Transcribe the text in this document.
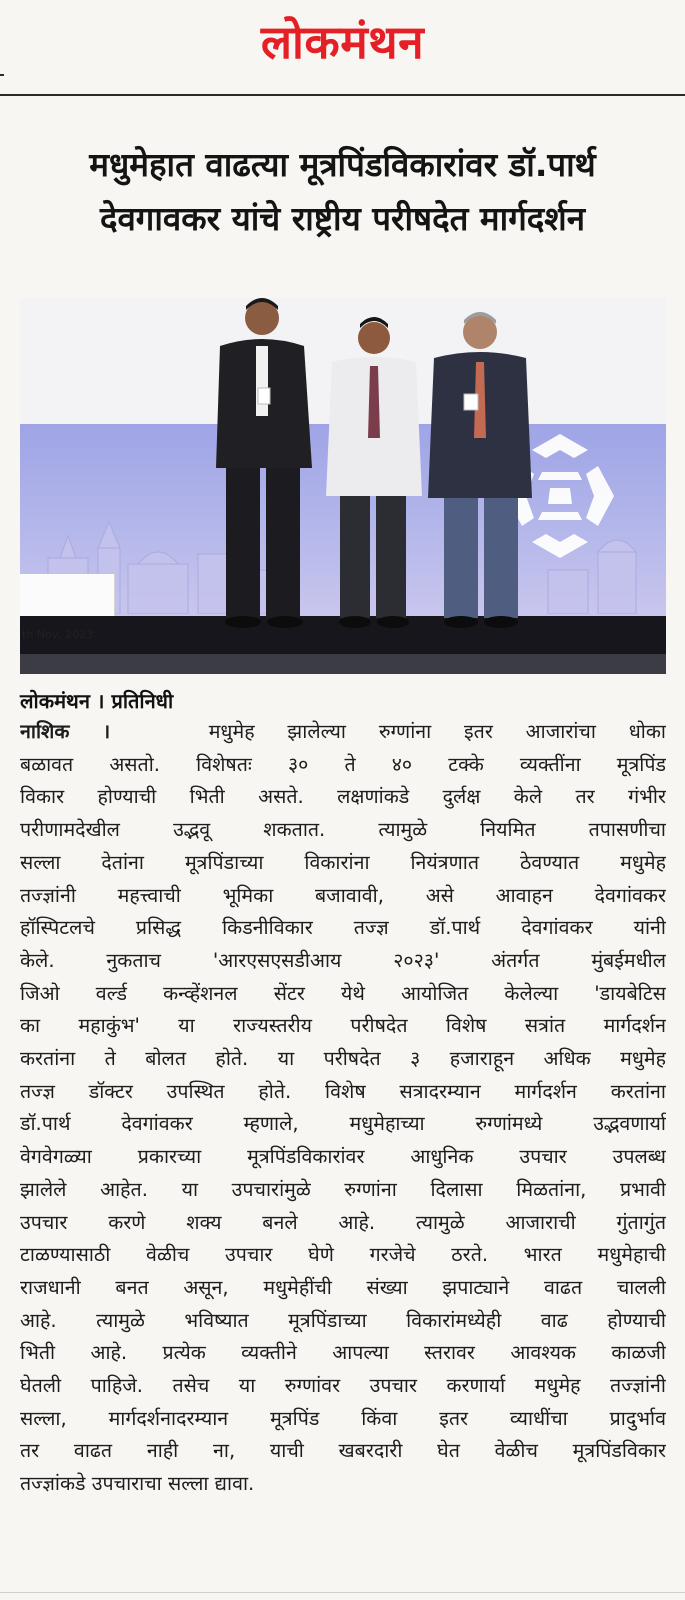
लोकमंथन
मधुमेहात वाढत्या मूत्रपिंडविकारांवर डॉ.पार्थ
देवगावकर यांचे राष्ट्रीय परीषदेत मार्गदर्शन
th Nov, 2023
लोकमंथन । प्रतिनिधी
नाशिक ।	मधुमेह झालेल्या रुग्णांना इतर आजारांचा धोका
बळावत असतो. विशेषतः ३० ते ४० टक्के व्यक्तींना मूत्रपिंड
विकार होण्याची भिती असते. लक्षणांकडे दुर्लक्ष केले तर गंभीर
परीणामदेखील उद्भवू शकतात. त्यामुळे नियमित तपासणीचा
सल्ला देतांना मूत्रपिंडाच्या विकारांना नियंत्रणात ठेवण्यात मधुमेह
तज्ज्ञांनी महत्त्वाची भूमिका बजावावी, असे आवाहन देवगांवकर
हॉस्पिटलचे प्रसिद्ध किडनीविकार तज्ज्ञ डॉ.पार्थ देवगांवकर यांनी
केले. नुकताच 'आरएसएसडीआय २०२३' अंतर्गत मुंबईमधील
जिओ वर्ल्ड कन्व्हेंशनल सेंटर येथे आयोजित केलेल्या 'डायबेटिस
का महाकुंभ' या राज्यस्तरीय परीषदेत विशेष सत्रांत मार्गदर्शन
करतांना ते बोलत होते. या परीषदेत ३ हजाराहून अधिक मधुमेह
तज्ज्ञ डॉक्टर उपस्थित होते. विशेष सत्रादरम्यान मार्गदर्शन करतांना
डॉ.पार्थ देवगांवकर म्हणाले, मधुमेहाच्या रुग्णांमध्ये उद्भवणार्या
वेगवेगळ्या प्रकारच्या मूत्रपिंडविकारांवर आधुनिक उपचार उपलब्ध
झालेले आहेत. या उपचारांमुळे रुग्णांना दिलासा मिळतांना, प्रभावी
उपचार करणे शक्य बनले आहे. त्यामुळे आजाराची गुंतागुंत
टाळण्यासाठी वेळीच उपचार घेणे गरजेचे ठरते. भारत मधुमेहाची
राजधानी बनत असून, मधुमेहींची संख्या झपाट्याने वाढत चालली
आहे. त्यामुळे भविष्यात मूत्रपिंडाच्या विकारांमध्येही वाढ होण्याची
भिती आहे. प्रत्येक व्यक्तीने आपल्या स्तरावर आवश्यक काळजी
घेतली पाहिजे. तसेच या रुग्णांवर उपचार करणार्या मधुमेह तज्ज्ञांनी
सल्ला, मार्गदर्शनादरम्यान मूत्रपिंड किंवा इतर व्याधींचा प्रादुर्भाव
तर वाढत नाही ना, याची खबरदारी घेत वेळीच मूत्रपिंडविकार
तज्ज्ञांकडे उपचाराचा सल्ला द्यावा.
